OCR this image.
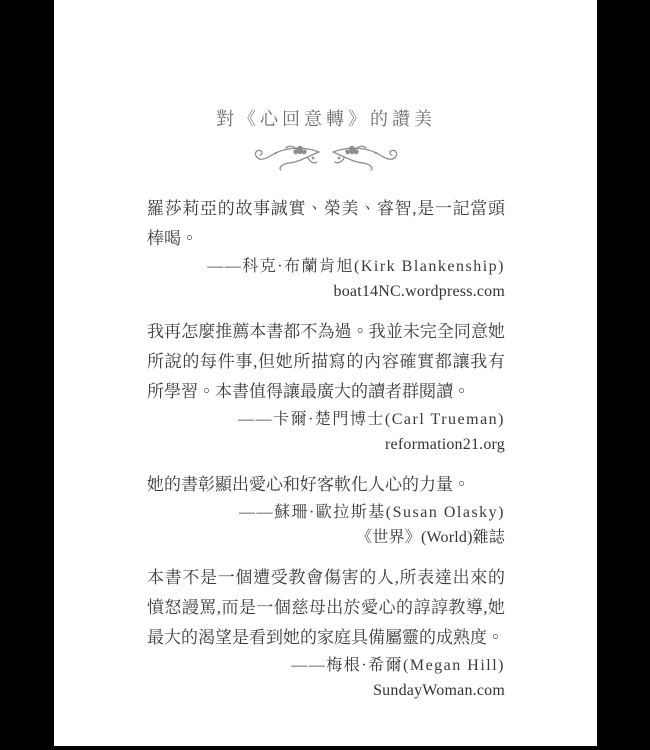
對《心回意轉》的讚美

羅莎莉亞的故事誠實、榮美、睿智,是一記當頭棒喝。

——科克·布蘭肯旭(Kirk Blankenship)

boat14NC.wordpress.com

我再怎麼推薦本書都不為過。我並未完全同意她所說的每件事,但她所描寫的內容確實都讓我有所學習。本書值得讓最廣大的讀者群閱讀。

——卡爾·楚門博士(Carl Trueman)

reformation21.org

她的書彰顯出愛心和好客軟化人心的力量。

——蘇珊·歐拉斯基(Susan Olasky)

《世界》(World)雜誌

本書不是一個遭受教會傷害的人,所表達出來的憤怒謾罵,而是一個慈母出於愛心的諄諄教導,她最大的渴望是看到她的家庭具備屬靈的成熟度。

——梅根·希爾(Megan Hill)

SundayWoman.com
